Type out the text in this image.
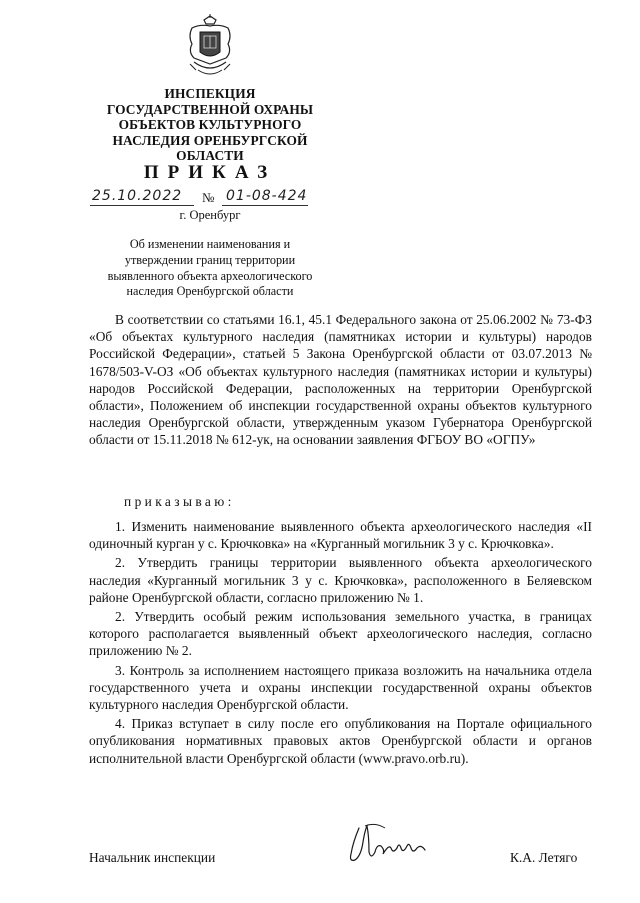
ИНСПЕКЦИЯ
ГОСУДАРСТВЕННОЙ ОХРАНЫ
ОБЪЕКТОВ КУЛЬТУРНОГО
НАСЛЕДИЯ ОРЕНБУРГСКОЙ
ОБЛАСТИ
ПРИКАЗ
25.10.2022 № 01-08-424
г. Оренбург
Об изменении наименования и
утверждении границ территории
выявленного объекта археологического
наследия Оренбургской области

В соответствии со статьями 16.1, 45.1 Федерального закона от 25.06.2002 № 73-ФЗ «Об объектах культурного наследия (памятниках истории и культуры) народов Российской Федерации», статьей 5 Закона Оренбургской области от 03.07.2013 № 1678/503-V-ОЗ «Об объектах культурного наследия (памятниках истории и культуры) народов Российской Федерации, расположенных на территории Оренбургской области», Положением об инспекции государственной охраны объектов культурного наследия Оренбургской области, утвержденным указом Губернатора Оренбургской области от 15.11.2018 № 612-ук, на основании заявления ФГБОУ ВО «ОГПУ»

приказываю:

1. Изменить наименование выявленного объекта археологического наследия «II одиночный курган у с. Крючковка» на «Курганный могильник 3 у с. Крючковка».

2. Утвердить границы территории выявленного объекта археологического наследия «Курганный могильник 3 у с. Крючковка», расположенного в Беляевском районе Оренбургской области, согласно приложению № 1.

2. Утвердить особый режим использования земельного участка, в границах которого располагается выявленный объект археологического наследия, согласно приложению № 2.

3. Контроль за исполнением настоящего приказа возложить на начальника отдела государственного учета и охраны инспекции государственной охраны объектов культурного наследия Оренбургской области.

4. Приказ вступает в силу после его опубликования на Портале официального опубликования нормативных правовых актов Оренбургской области и органов исполнительной власти Оренбургской области (www.pravo.orb.ru).

Начальник инспекции	К.А. Летяго
